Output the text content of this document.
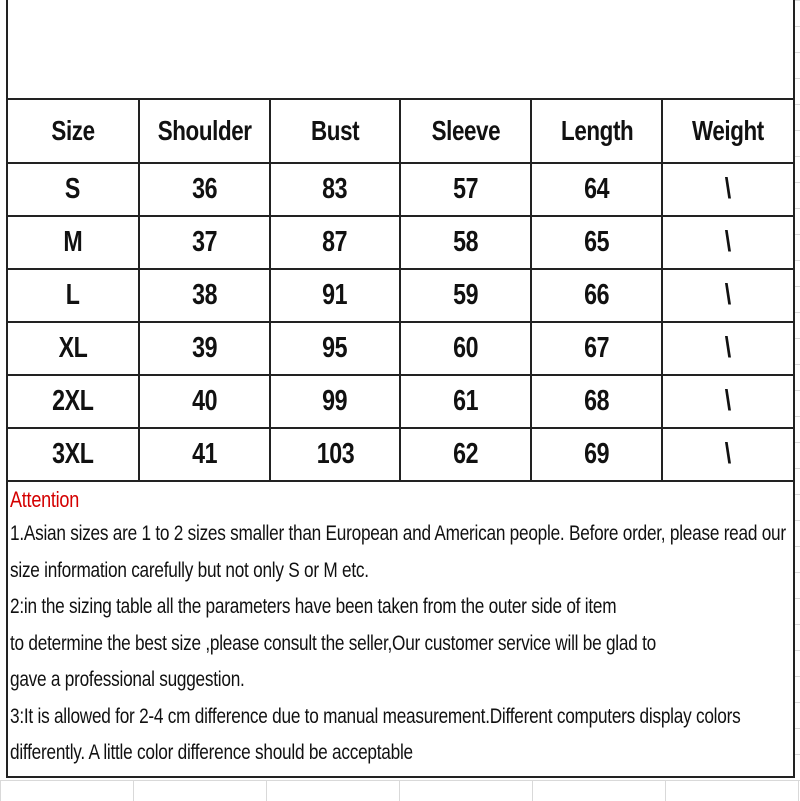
Size	Shoulder	Bust	Sleeve	Length	Weight
S	36	83	57	64	\
M	37	87	58	65	\
L	38	91	59	66	\
XL	39	95	60	67	\
2XL	40	99	61	68	\
3XL	41	103	62	69	\
Attention
1.Asian sizes are 1 to 2 sizes smaller than European and American people. Before order, please read our
size information carefully but not only S or M etc.
2:in the sizing table all the parameters have been taken from the outer side of item
to determine the best size ,please consult the seller,Our customer service will be glad to
gave a professional suggestion.
3:It is allowed for 2-4 cm difference due to manual measurement.Different computers display colors
differently. A little color difference should be acceptable
